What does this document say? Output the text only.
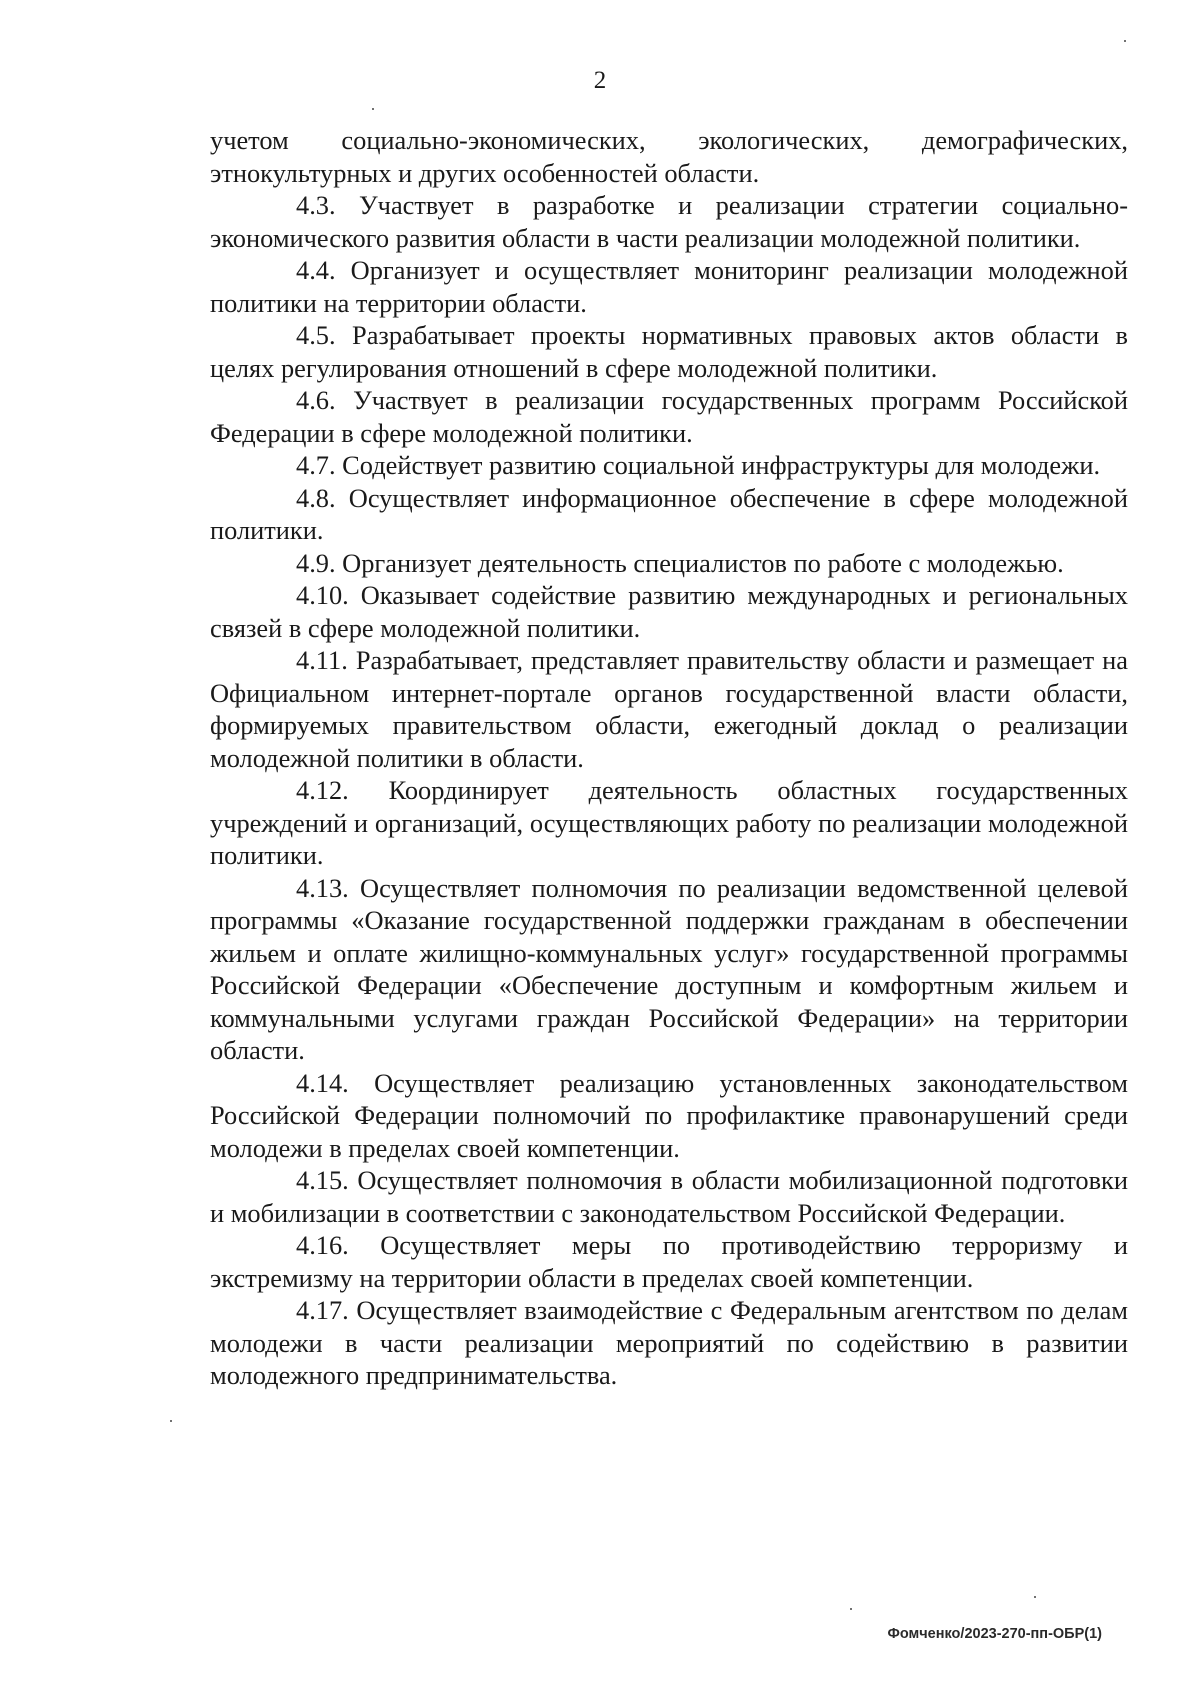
2

учетом социально-экономических, экологических, демографических, этнокультурных и других особенностей области.

4.3. Участвует в разработке и реализации стратегии социально-экономического развития области в части реализации молодежной политики.

4.4. Организует и осуществляет мониторинг реализации молодежной политики на территории области.

4.5. Разрабатывает проекты нормативных правовых актов области в целях регулирования отношений в сфере молодежной политики.

4.6. Участвует в реализации государственных программ Российской Федерации в сфере молодежной политики.

4.7. Содействует развитию социальной инфраструктуры для молодежи.

4.8. Осуществляет информационное обеспечение в сфере молодежной политики.

4.9. Организует деятельность специалистов по работе с молодежью.

4.10. Оказывает содействие развитию международных и региональных связей в сфере молодежной политики.

4.11. Разрабатывает, представляет правительству области и размещает на Официальном интернет-портале органов государственной власти области, формируемых правительством области, ежегодный доклад о реализации молодежной политики в области.

4.12. Координирует деятельность областных государственных учреждений и организаций, осуществляющих работу по реализации молодежной политики.

4.13. Осуществляет полномочия по реализации ведомственной целевой программы «Оказание государственной поддержки гражданам в обеспечении жильем и оплате жилищно-коммунальных услуг» государственной программы Российской Федерации «Обеспечение доступным и комфортным жильем и коммунальными услугами граждан Российской Федерации» на территории области.

4.14. Осуществляет реализацию установленных законодательством Российской Федерации полномочий по профилактике правонарушений среди молодежи в пределах своей компетенции.

4.15. Осуществляет полномочия в области мобилизационной подготовки и мобилизации в соответствии с законодательством Российской Федерации.

4.16. Осуществляет меры по противодействию терроризму и экстремизму на территории области в пределах своей компетенции.

4.17. Осуществляет взаимодействие с Федеральным агентством по делам молодежи в части реализации мероприятий по содействию в развитии молодежного предпринимательства.

Фомченко/2023-270-пп-ОБР(1)
